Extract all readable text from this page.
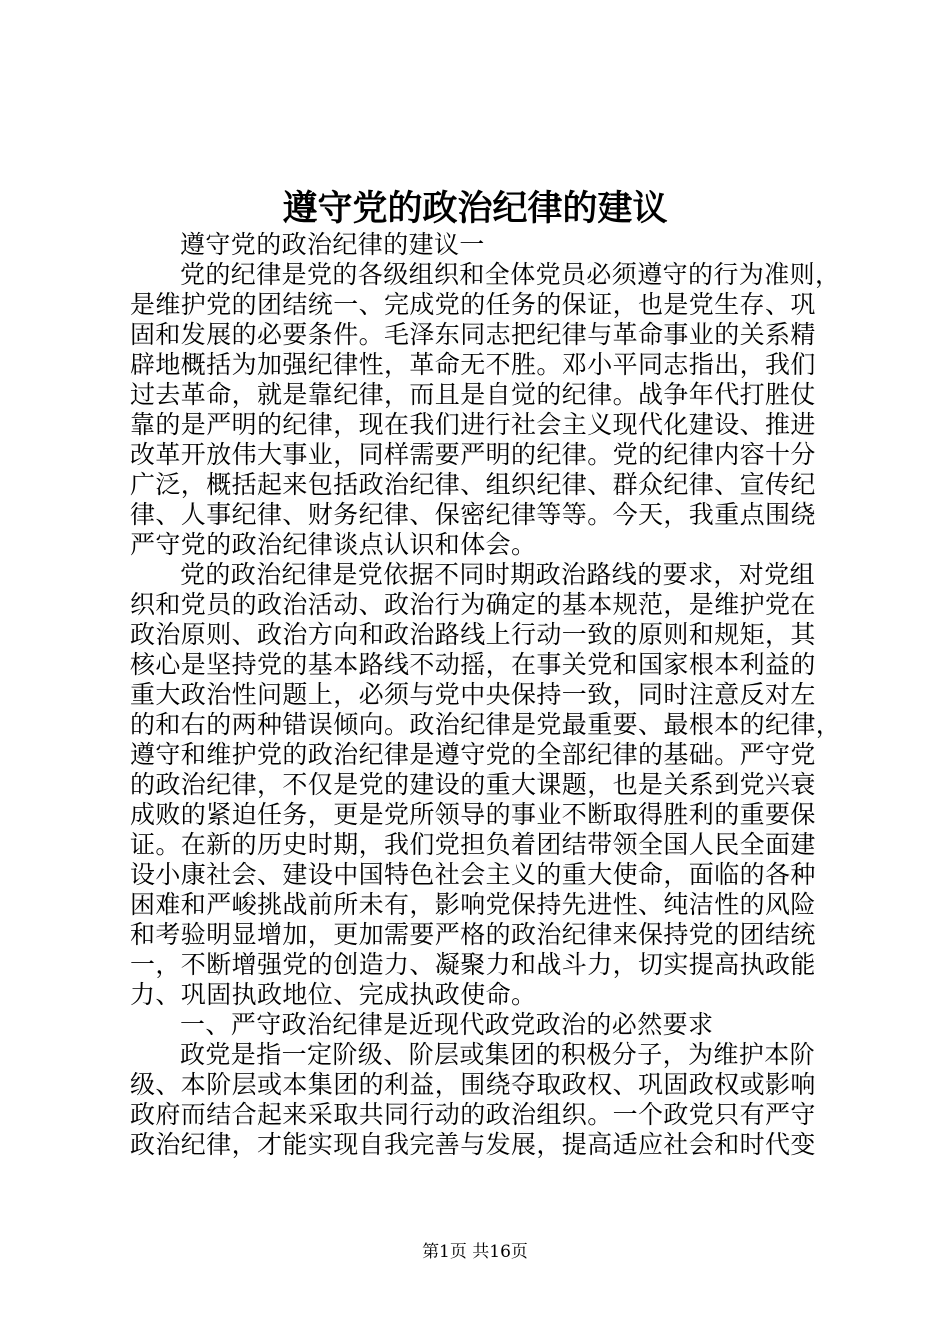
遵守党的政治纪律的建议
遵守党的政治纪律的建议一
党的纪律是党的各级组织和全体党员必须遵守的行为准则，
是维护党的团结统一、完成党的任务的保证，也是党生存、巩
固和发展的必要条件。毛泽东同志把纪律与革命事业的关系精
辟地概括为加强纪律性，革命无不胜。邓小平同志指出，我们
过去革命，就是靠纪律，而且是自觉的纪律。战争年代打胜仗
靠的是严明的纪律，现在我们进行社会主义现代化建设、推进
改革开放伟大事业，同样需要严明的纪律。党的纪律内容十分
广泛，概括起来包括政治纪律、组织纪律、群众纪律、宣传纪
律、人事纪律、财务纪律、保密纪律等等。今天，我重点围绕
严守党的政治纪律谈点认识和体会。
党的政治纪律是党依据不同时期政治路线的要求，对党组
织和党员的政治活动、政治行为确定的基本规范，是维护党在
政治原则、政治方向和政治路线上行动一致的原则和规矩，其
核心是坚持党的基本路线不动摇，在事关党和国家根本利益的
重大政治性问题上，必须与党中央保持一致，同时注意反对左
的和右的两种错误倾向。政治纪律是党最重要、最根本的纪律，
遵守和维护党的政治纪律是遵守党的全部纪律的基础。严守党
的政治纪律，不仅是党的建设的重大课题，也是关系到党兴衰
成败的紧迫任务，更是党所领导的事业不断取得胜利的重要保
证。在新的历史时期，我们党担负着团结带领全国人民全面建
设小康社会、建设中国特色社会主义的重大使命，面临的各种
困难和严峻挑战前所未有，影响党保持先进性、纯洁性的风险
和考验明显增加，更加需要严格的政治纪律来保持党的团结统
一，不断增强党的创造力、凝聚力和战斗力，切实提高执政能
力、巩固执政地位、完成执政使命。
一、严守政治纪律是近现代政党政治的必然要求
政党是指一定阶级、阶层或集团的积极分子，为维护本阶
级、本阶层或本集团的利益，围绕夺取政权、巩固政权或影响
政府而结合起来采取共同行动的政治组织。一个政党只有严守
政治纪律，才能实现自我完善与发展，提高适应社会和时代变
第1页 共16页
